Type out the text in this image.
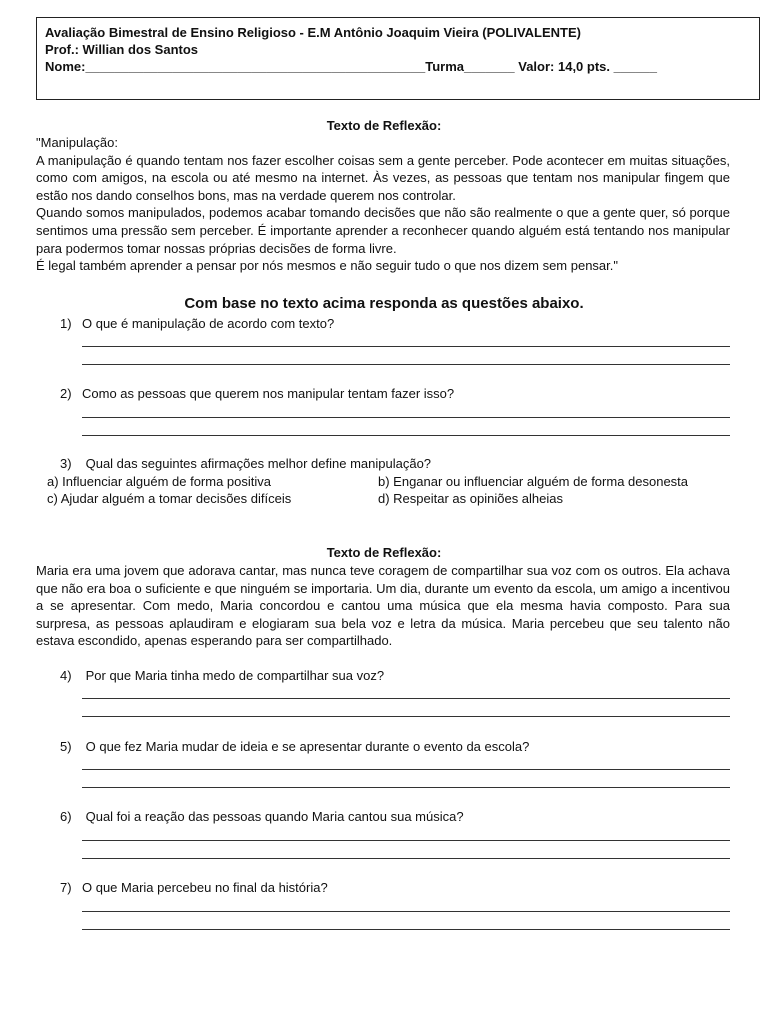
Avaliação Bimestral de Ensino Religioso - E.M Antônio Joaquim Vieira (POLIVALENTE)
Prof.: Willian dos Santos
Nome:_______________________________________________Turma_______ Valor: 14,0 pts. ______
Texto de Reflexão:

"Manipulação:

A manipulação é quando tentam nos fazer escolher coisas sem a gente perceber. Pode acontecer em muitas situações, como com amigos, na escola ou até mesmo na internet. Às vezes, as pessoas que tentam nos manipular fingem que estão nos dando conselhos bons, mas na verdade querem nos controlar.

Quando somos manipulados, podemos acabar tomando decisões que não são realmente o que a gente quer, só porque sentimos uma pressão sem perceber. É importante aprender a reconhecer quando alguém está tentando nos manipular para podermos tomar nossas próprias decisões de forma livre.

É legal também aprender a pensar por nós mesmos e não seguir tudo o que nos dizem sem pensar."

Com base no texto acima responda as questões abaixo.
1) O que é manipulação de acordo com texto?
2) Como as pessoas que querem nos manipular tentam fazer isso?
3) Qual das seguintes afirmações melhor define manipulação?
a) Influenciar alguém de forma positiva	b) Enganar ou influenciar alguém de forma desonesta
c) Ajudar alguém a tomar decisões difíceis	d) Respeitar as opiniões alheias
Texto de Reflexão:

Maria era uma jovem que adorava cantar, mas nunca teve coragem de compartilhar sua voz com os outros. Ela achava que não era boa o suficiente e que ninguém se importaria. Um dia, durante um evento da escola, um amigo a incentivou a se apresentar. Com medo, Maria concordou e cantou uma música que ela mesma havia composto. Para sua surpresa, as pessoas aplaudiram e elogiaram sua bela voz e letra da música. Maria percebeu que seu talento não estava escondido, apenas esperando para ser compartilhado.

4) Por que Maria tinha medo de compartilhar sua voz?
5) O que fez Maria mudar de ideia e se apresentar durante o evento da escola?
6) Qual foi a reação das pessoas quando Maria cantou sua música?
7) O que Maria percebeu no final da história?
